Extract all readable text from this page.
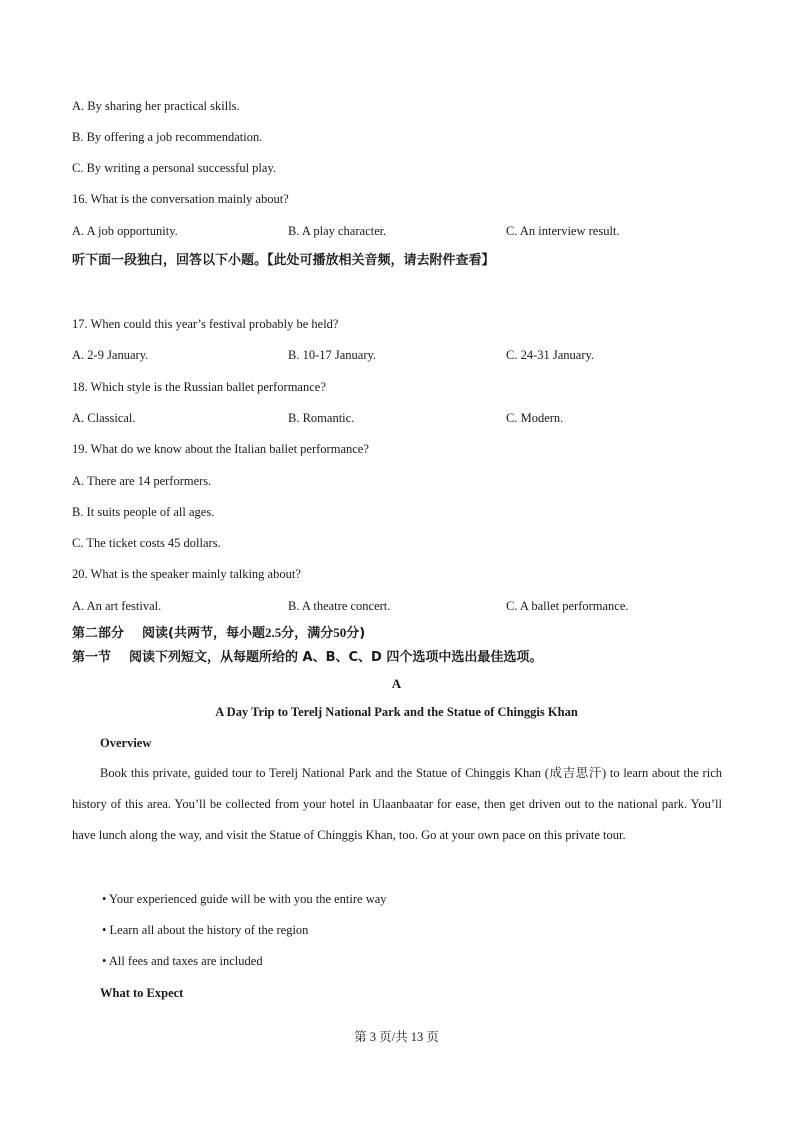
A. By sharing her practical skills.
B. By offering a job recommendation.
C. By writing a personal successful play.
16. What is the conversation mainly about?
A. A job opportunity.	B. A play character.	C. An interview result.
听下面一段独白，回答以下小题。【此处可播放相关音频，请去附件查看】
17. When could this year’s festival probably be held?
A. 2-9 January.	B. 10-17 January.	C. 24-31 January.
18. Which style is the Russian ballet performance?
A. Classical.	B. Romantic.	C. Modern.
19. What do we know about the Italian ballet performance?
A. There are 14 performers.
B. It suits people of all ages.
C. The ticket costs 45 dollars.
20. What is the speaker mainly talking about?
A. An art festival.	B. A theatre concert.	C. A ballet performance.
第二部分 阅读(共两节，每小题2.5分，满分50分)
第一节 阅读下列短文，从每题所给的 A、B、C、D 四个选项中选出最佳选项。
A
A Day Trip to Terelj National Park and the Statue of Chinggis Khan
Overview

Book this private, guided tour to Terelj National Park and the Statue of Chinggis Khan (成吉思汗) to learn about the rich history of this area. You’ll be collected from your hotel in Ulaanbaatar for ease, then get driven out to the national park. You’ll have lunch along the way, and visit the Statue of Chinggis Khan, too. Go at your own pace on this private tour.

• Your experienced guide will be with you the entire way
• Learn all about the history of the region
• All fees and taxes are included
What to Expect
第 3 页/共 13 页
